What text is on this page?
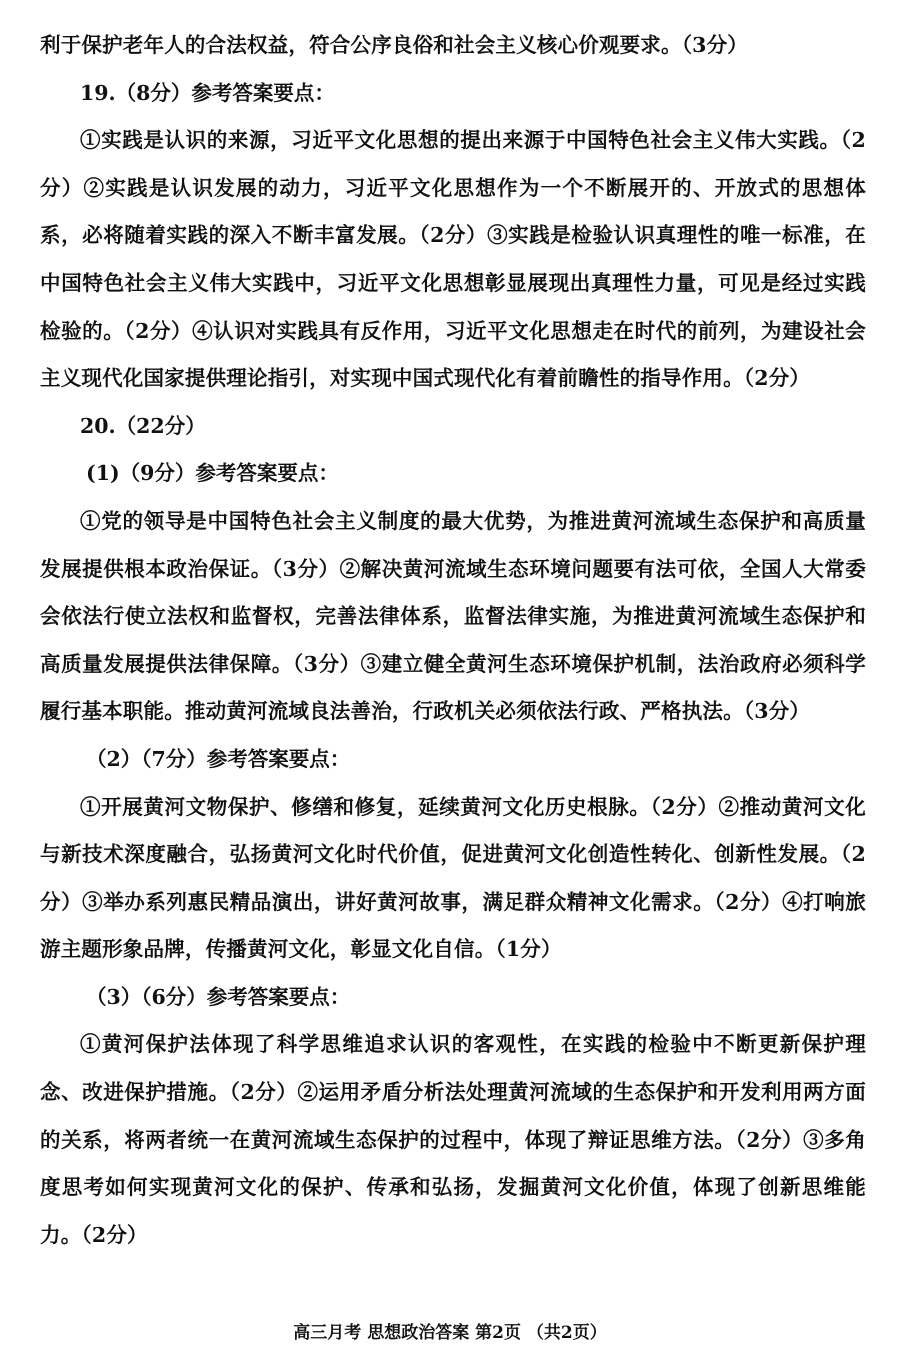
利于保护老年人的合法权益，符合公序良俗和社会主义核心价观要求。（3分）
19.（8分）参考答案要点：

①实践是认识的来源，习近平文化思想的提出来源于中国特色社会主义伟大实践。（2分）②实践是认识发展的动力，习近平文化思想作为一个不断展开的、开放式的思想体系，必将随着实践的深入不断丰富发展。（2分）③实践是检验认识真理性的唯一标准，在中国特色社会主义伟大实践中，习近平文化思想彰显展现出真理性力量，可见是经过实践检验的。（2分）④认识对实践具有反作用，习近平文化思想走在时代的前列，为建设社会主义现代化国家提供理论指引，对实现中国式现代化有着前瞻性的指导作用。（2分）

20.（22分）
(1)（9分）参考答案要点：

①党的领导是中国特色社会主义制度的最大优势，为推进黄河流域生态保护和高质量发展提供根本政治保证。（3分）②解决黄河流域生态环境问题要有法可依，全国人大常委会依法行使立法权和监督权，完善法律体系，监督法律实施，为推进黄河流域生态保护和高质量发展提供法律保障。（3分）③建立健全黄河生态环境保护机制，法治政府必须科学履行基本职能。推动黄河流域良法善治，行政机关必须依法行政、严格执法。（3分）

（2）（7分）参考答案要点：

①开展黄河文物保护、修缮和修复，延续黄河文化历史根脉。（2分）②推动黄河文化与新技术深度融合，弘扬黄河文化时代价值，促进黄河文化创造性转化、创新性发展。（2分）③举办系列惠民精品演出，讲好黄河故事，满足群众精神文化需求。（2分）④打响旅游主题形象品牌，传播黄河文化，彰显文化自信。（1分）

（3）（6分）参考答案要点：

①黄河保护法体现了科学思维追求认识的客观性，在实践的检验中不断更新保护理念、改进保护措施。（2分）②运用矛盾分析法处理黄河流域的生态保护和开发利用两方面的关系，将两者统一在黄河流域生态保护的过程中，体现了辩证思维方法。（2分）③多角度思考如何实现黄河文化的保护、传承和弘扬，发掘黄河文化价值，体现了创新思维能力。（2分）

高三月考 思想政治答案 第2页 （共2页）
